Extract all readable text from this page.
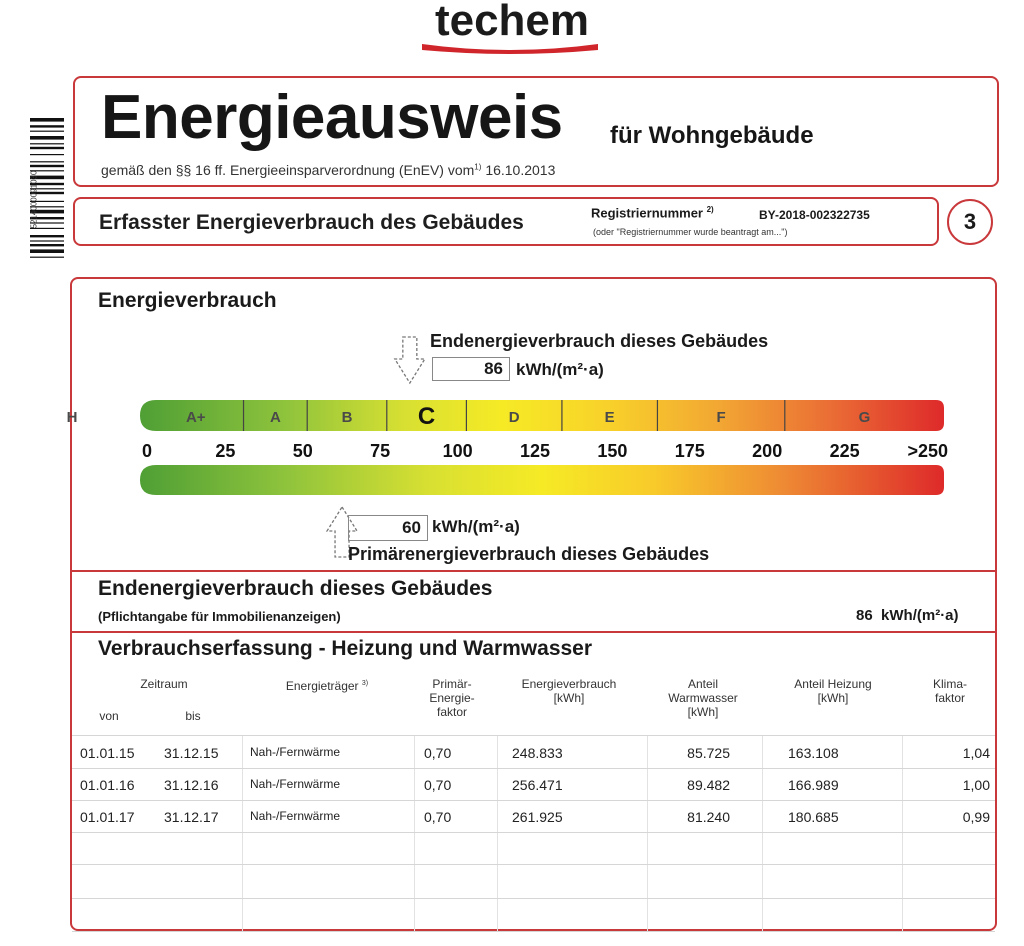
techem
5214000091030
Energieausweis für Wohngebäude
gemäß den §§ 16 ff. Energieeinsparverordnung (EnEV) vom$^{1)}$ 16.10.2013
Erfasster Energieverbrauch des Gebäudes	Registriernummer $^{2)}$	BY-2018-002322735
(oder "Registriernummer wurde beantragt am...")	3
Energieverbrauch
Endenergieverbrauch dieses Gebäudes
86 kWh/(m²·a)
A+	A	B	C	D	E	F	G
H
0	25	50	75	100	125	150	175	200	225	>250
60 kWh/(m²·a)
Primärenergieverbrauch dieses Gebäudes
Endenergieverbrauch dieses Gebäudes
(Pflichtangabe für Immobilienanzeigen)	86 kWh/(m²·a)
Verbrauchserfassung - Heizung und Warmwasser
Zeitraum
von	bis
Energieträger $^{3)}$	Primär-
Energie-
faktor
Energieverbrauch
[kWh]
Anteil
Warmwasser
[kWh]
Anteil Heizung
[kWh]
Klima-
faktor
01.01.15	31.12.15	Nah-/Fernwärme	0,70	248.833	85.725	163.108	1,04
01.01.16	31.12.16	Nah-/Fernwärme	0,70	256.471	89.482	166.989	1,00
01.01.17	31.12.17	Nah-/Fernwärme	0,70	261.925	81.240	180.685	0,99
